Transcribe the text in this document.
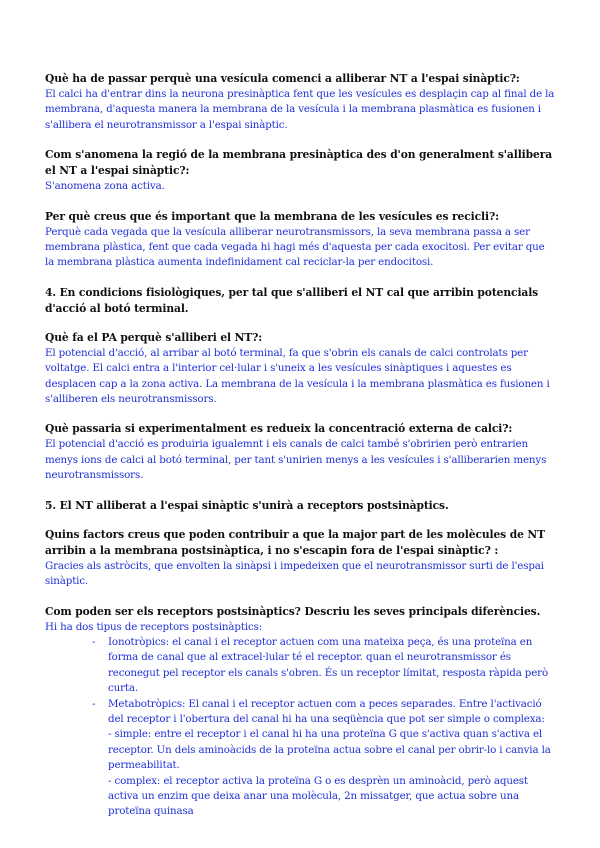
Què ha de passar perquè una vesícula comenci a alliberar NT a l'espai sinàptic?:

El calci ha d'entrar dins la neurona presinàptica fent que les vesícules es desplaçin cap al final de la membrana, d'aquesta manera la membrana de la vesícula i la membrana plasmàtica es fusionen i s'allibera el neurotransmissor a l'espai sinàptic.

Com s'anomena la regió de la membrana presinàptica des d'on generalment s'allibera el NT a l'espai sinàptic?:

S'anomena zona activa.

Per què creus que és important que la membrana de les vesícules es recicli?:

Perquè cada vegada que la vesícula alliberar neurotransmissors, la seva membrana passa a ser membrana plàstica, fent que cada vegada hi hagi més d'aquesta per cada exocitosi. Per evitar que la membrana plàstica aumenta indefinidament cal reciclar-la per endocitosi.

4. En condicions fisiològiques, per tal que s'alliberi el NT cal que arribin potencials d'acció al botó terminal.

Què fa el PA perquè s'alliberi el NT?:

El potencial d'acció, al arribar al botó terminal, fa que s'obrin els canals de calci controlats per voltatge. El calci entra a l'interior cel·lular i s'uneix a les vesícules sinàptiques i aquestes es desplacen cap a la zona activa. La membrana de la vesícula i la membrana plasmàtica es fusionen i s'alliberen els neurotransmissors.

Què passaria si experimentalment es redueix la concentració externa de calci?:

El potencial d'acció es produiria igualemnt i els canals de calci també s'obririen però entrarien menys ions de calci al botó terminal, per tant s'unirien menys a les vesícules i s'alliberarien menys neurotransmissors.

5. El NT alliberat a l'espai sinàptic s'unirà a receptors postsinàptics.

Quins factors creus que poden contribuir a que la major part de les molècules de NT arribin a la membrana postsinàptica, i no s'escapin fora de l'espai sinàptic? :

Gracies als astròcits, que envolten la sinàpsi i impedeixen que el neurotransmissor surti de l'espai sinàptic.

Com poden ser els receptors postsinàptics? Descriu les seves principals diferències.

Hi ha dos tipus de receptors postsinàptics:

- Ionotròpics: el canal i el receptor actuen com una mateixa peça, és una proteïna en forma de canal que al extracel·lular té el receptor. quan el neurotransmissor és reconegut pel receptor els canals s'obren. És un receptor límitat, resposta ràpida però curta.
- Metabotròpics: El canal i el receptor actuen com a peces separades. Entre l'activació del receptor i l'obertura del canal hi ha una seqüència que pot ser simple o complexa:

- simple: entre el receptor i el canal hi ha una proteïna G que s'activa quan s'activa el receptor. Un dels aminoàcids de la proteïna actua sobre el canal per obrir-lo i canvia la permeabilitat.

- complex: el receptor activa la proteïna G o es desprèn un aminoàcid, però aquest activa un enzim que deixa anar una molècula, 2n missatger, que actua sobre una proteïna quinasa
